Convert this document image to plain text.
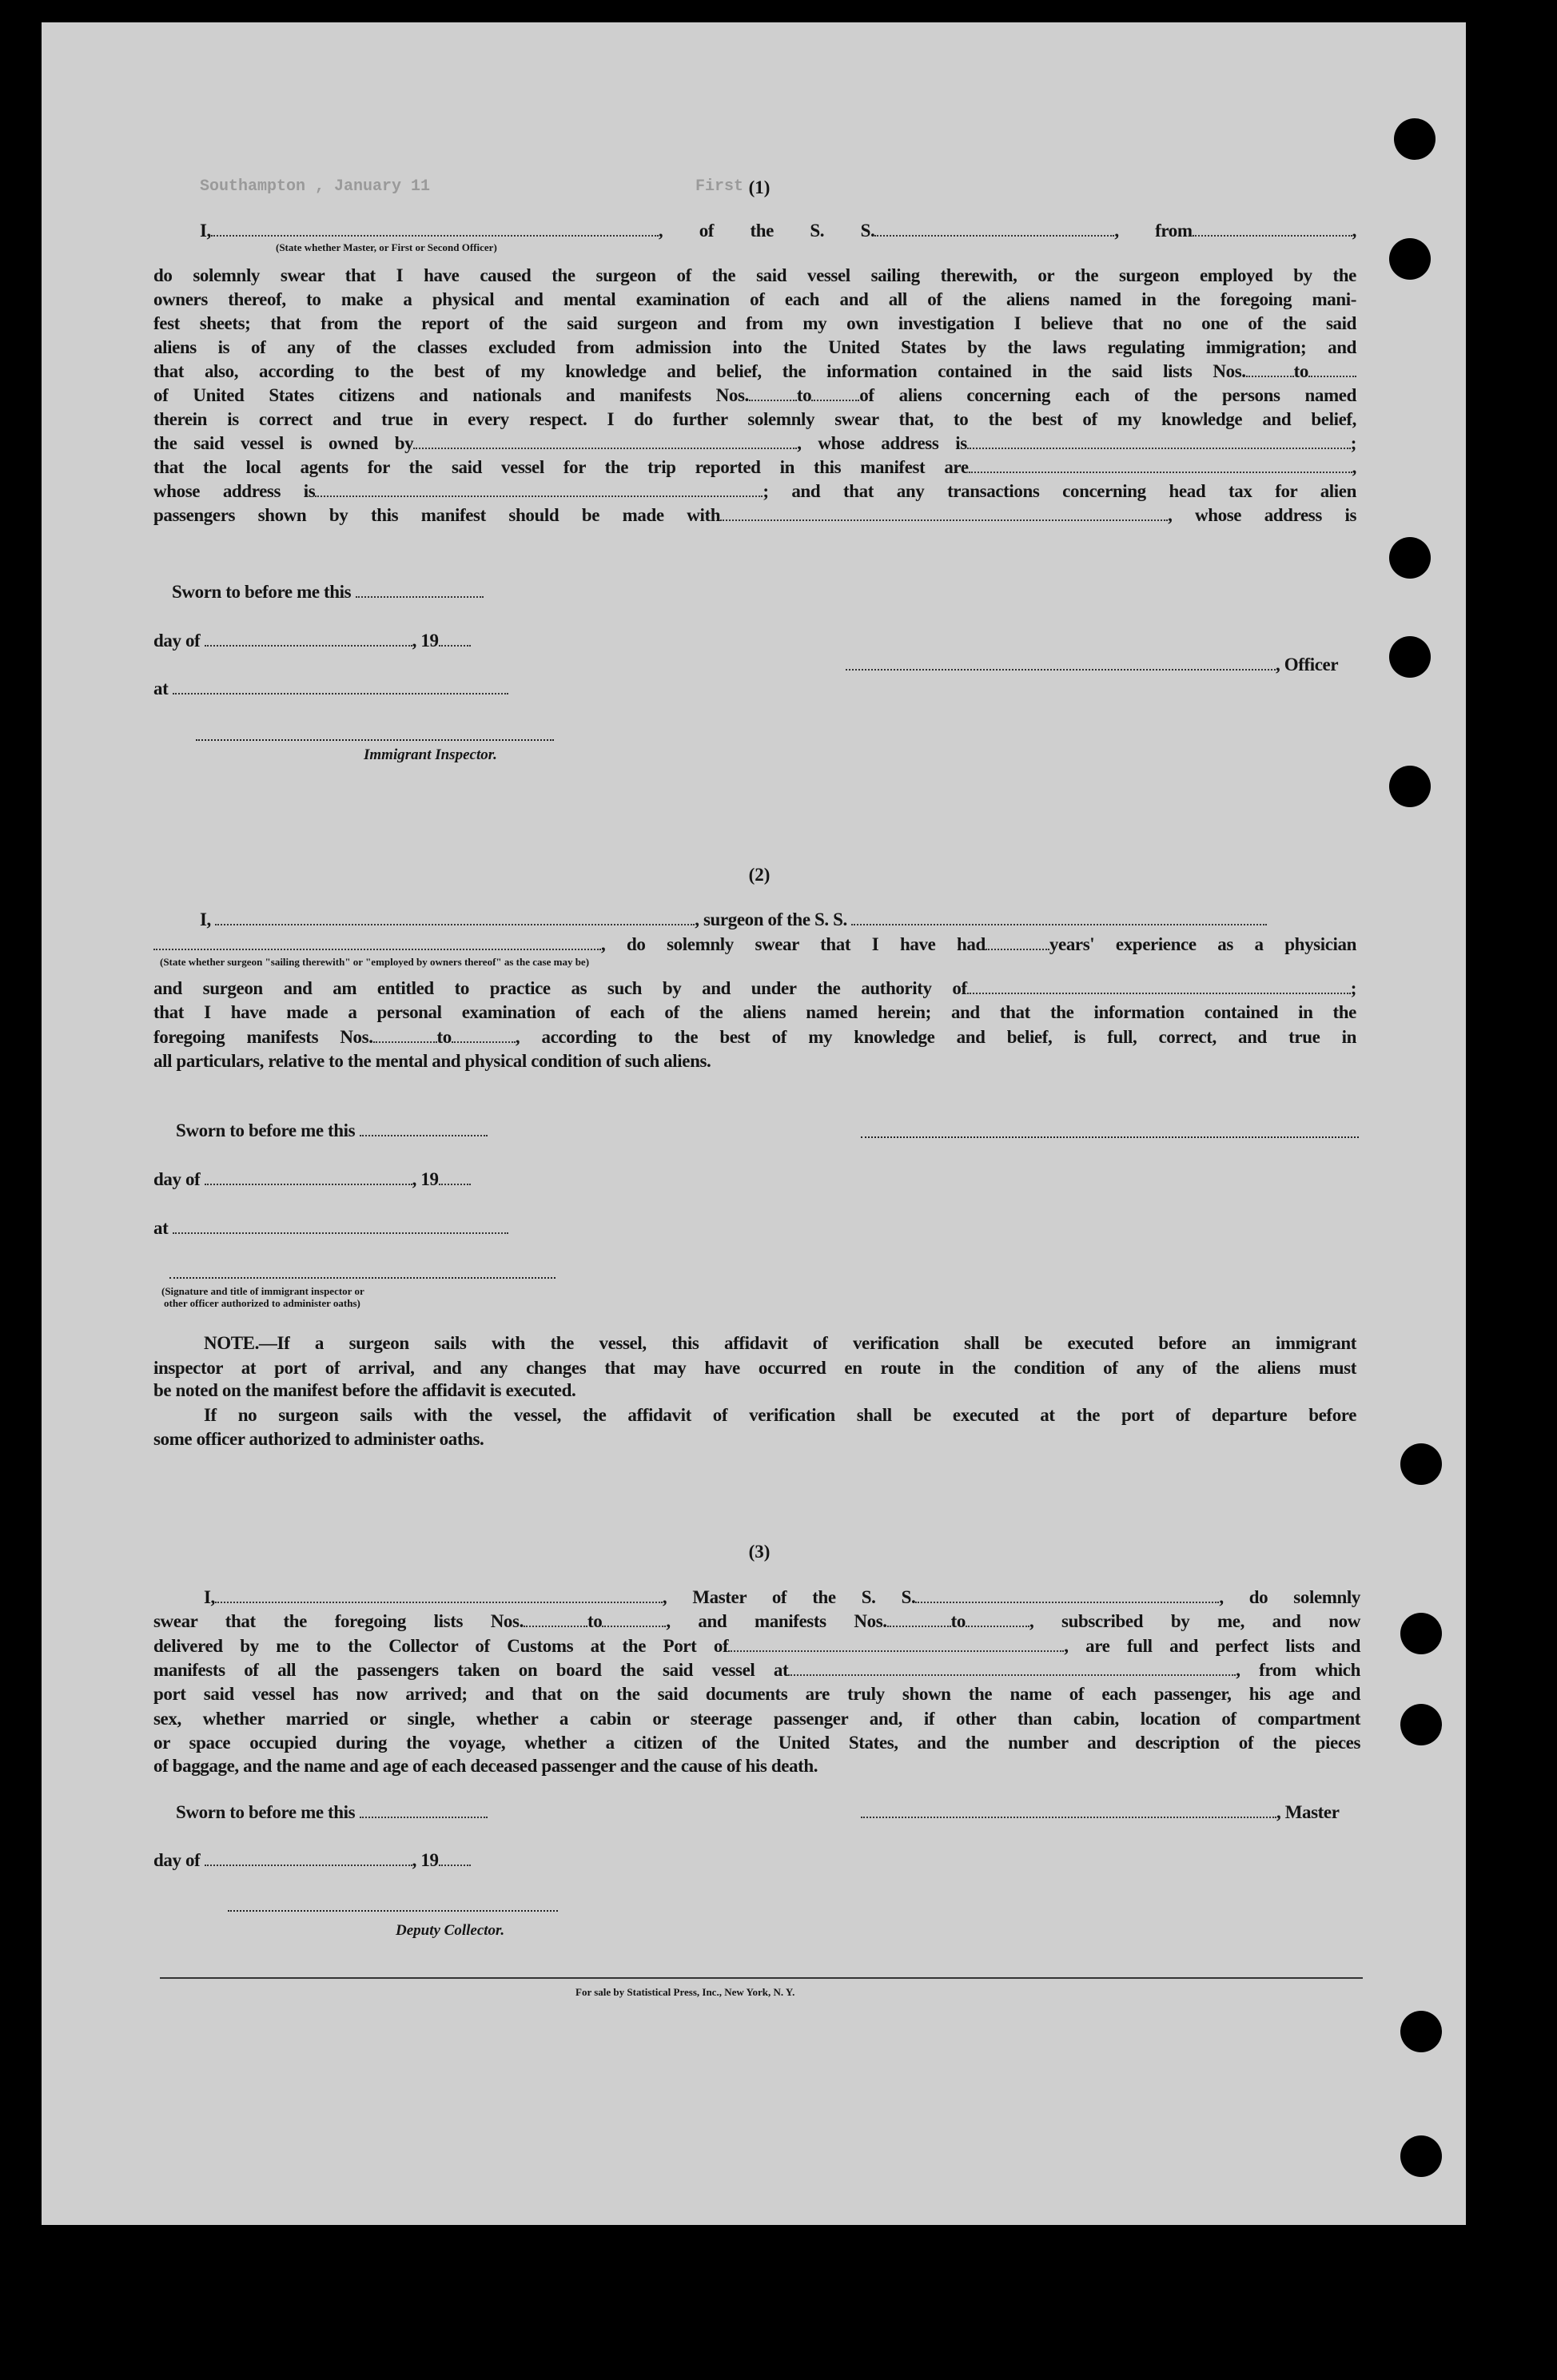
Southampton , January 11	First (1)
I,	, of the S. S.	, from	,
(State whether Master, or First or Second Officer)
do solemnly swear that I have caused the surgeon of the said vessel sailing therewith, or the surgeon employed by the
owners thereof, to make a physical and mental examination of each and all of the aliens named in the foregoing mani-
fest sheets; that from the report of the said surgeon and from my own investigation I believe that no one of the said
aliens is of any of the classes excluded from admission into the United States by the laws regulating immigration; and
that also, according to the best of my knowledge and belief, the information contained in the said lists Nos.	to
of United States citizens and nationals and manifests Nos.	to	of aliens concerning each of the persons named
therein is correct and true in every respect. I do further solemnly swear that, to the best of my knowledge and belief,
the said vessel is owned by	, whose address is	;
that the local agents for the said vessel for the trip reported in this manifest are	,
whose address is	; and that any transactions concerning head tax for alien
passengers shown by this manifest should be made with	, whose address is
Sworn to before me this
day of	, 19
at
Immigrant Inspector.
, Officer
(2)
I,	, surgeon of the S. S.
, do solemnly swear that I have had	years' experience as a physician
(State whether surgeon "sailing therewith" or "employed by owners thereof" as the case may be)
and surgeon and am entitled to practice as such by and under the authority of	;
that I have made a personal examination of each of the aliens named herein; and that the information contained in the
foregoing manifests Nos.	to	, according to the best of my knowledge and belief, is full, correct, and true in
all particulars, relative to the mental and physical condition of such aliens.
Sworn to before me this
day of	, 19
at
(Signature and title of immigrant inspector or
other officer authorized to administer oaths)
NOTE.—If a surgeon sails with the vessel, this affidavit of verification shall be executed before an immigrant
inspector at port of arrival, and any changes that may have occurred en route in the condition of any of the aliens must
be noted on the manifest before the affidavit is executed.
If no surgeon sails with the vessel, the affidavit of verification shall be executed at the port of departure before
some officer authorized to administer oaths.
(3)
I,	, Master of the S. S.	, do solemnly
swear that the foregoing lists Nos.	to	, and manifests Nos.	to	, subscribed by me, and now
delivered by me to the Collector of Customs at the Port of	, are full and perfect lists and
manifests of all the passengers taken on board the said vessel at	, from which
port said vessel has now arrived; and that on the said documents are truly shown the name of each passenger, his age and
sex, whether married or single, whether a cabin or steerage passenger and, if other than cabin, location of compartment
or space occupied during the voyage, whether a citizen of the United States, and the number and description of the pieces
of baggage, and the name and age of each deceased passenger and the cause of his death.
Sworn to before me this	, Master
day of	, 19
Deputy Collector.
For sale by Statistical Press, Inc., New York, N. Y.
